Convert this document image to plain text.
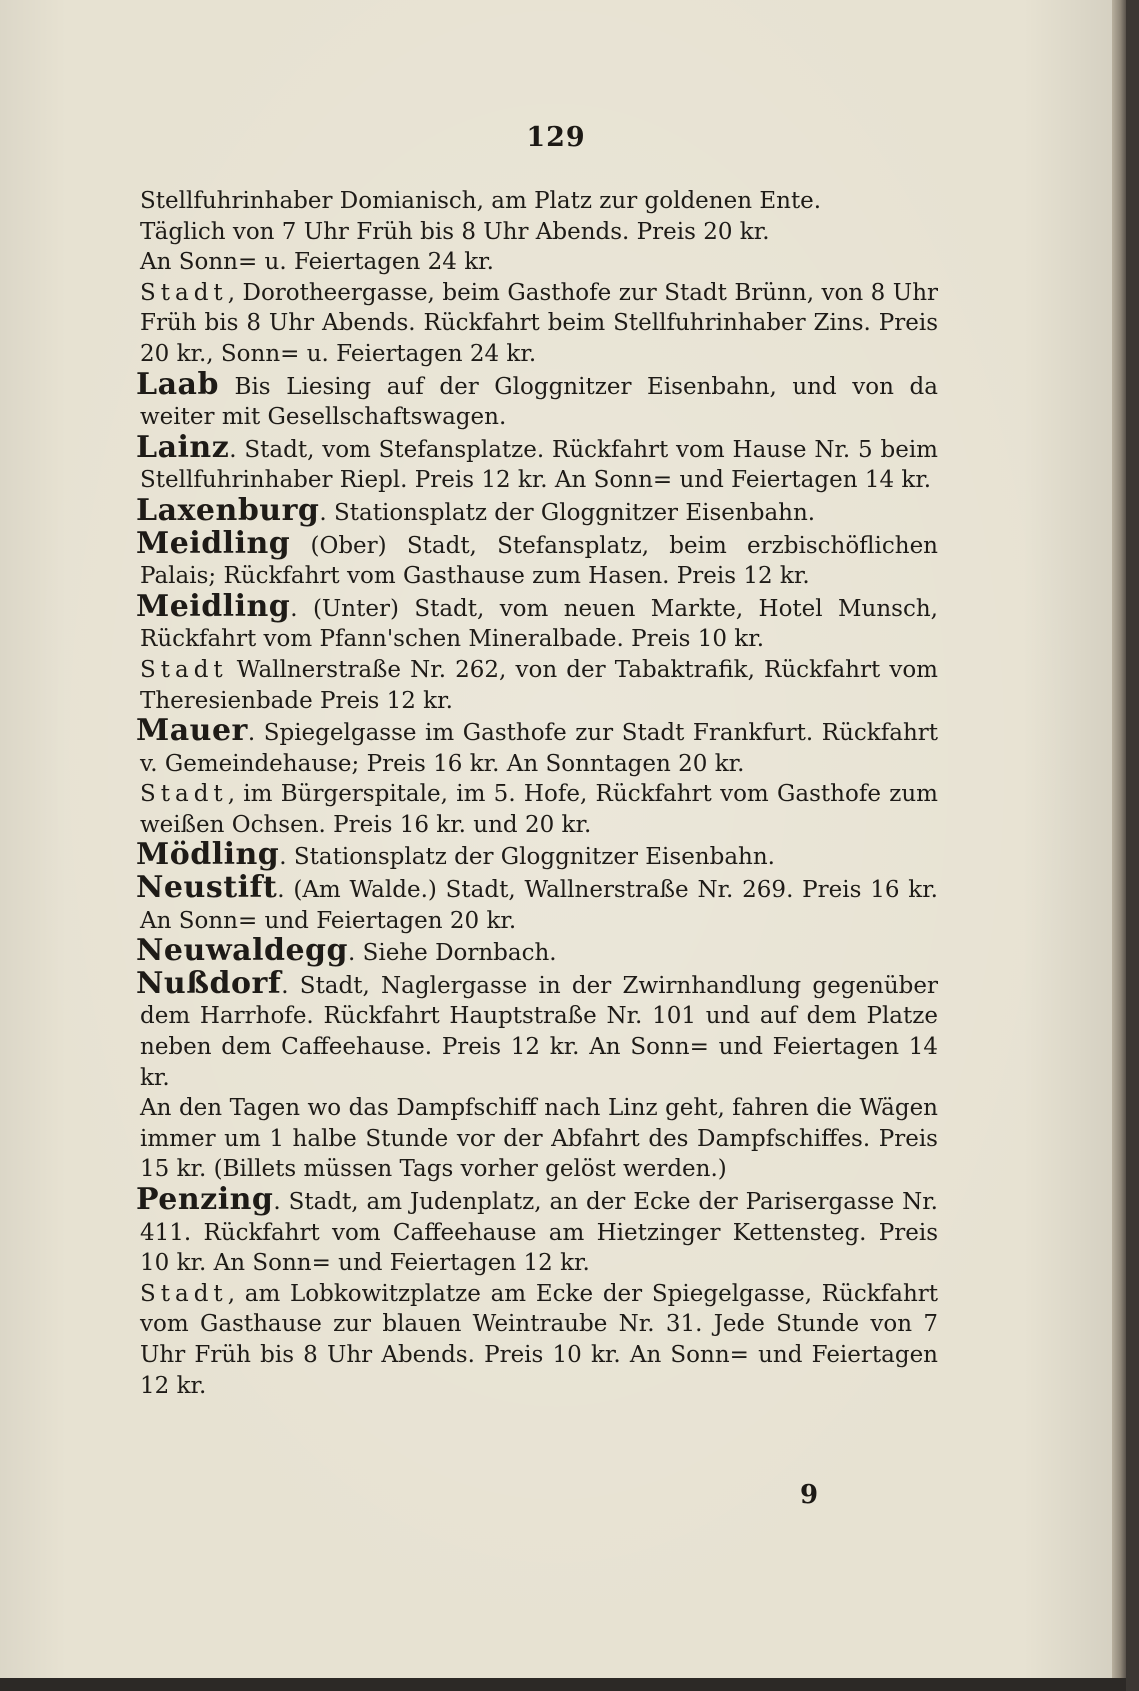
129

Stellfuhrinhaber Domianisch, am Platz zur goldenen Ente.
Täglich von 7 Uhr Früh bis 8 Uhr Abends. Preis 20 kr.
An Sonn= u. Feiertagen 24 kr.

Stadt, Dorotheergasse, beim Gasthofe zur Stadt Brünn, von 8 Uhr Früh bis 8 Uhr Abends. Rückfahrt beim Stellfuhrinhaber Zins. Preis 20 kr., Sonn= u. Feiertagen 24 kr.

Laab Bis Liesing auf der Gloggnitzer Eisenbahn, und von da weiter mit Gesellschaftswagen.

Lainz. Stadt, vom Stefansplatze. Rückfahrt vom Hause Nr. 5 beim Stellfuhrinhaber Riepl. Preis 12 kr. An Sonn= und Feiertagen 14 kr.

Laxenburg. Stationsplatz der Gloggnitzer Eisenbahn.

Meidling (Ober) Stadt, Stefansplatz, beim erzbischöflichen Palais; Rückfahrt vom Gasthause zum Hasen. Preis 12 kr.

Meidling. (Unter) Stadt, vom neuen Markte, Hotel Munsch, Rückfahrt vom Pfann'schen Mineralbade. Preis 10 kr.

Stadt Wallnerstraße Nr. 262, von der Tabaktrafik, Rückfahrt vom Theresienbade Preis 12 kr.

Mauer. Spiegelgasse im Gasthofe zur Stadt Frankfurt. Rückfahrt v. Gemeindehause; Preis 16 kr. An Sonntagen 20 kr.

Stadt, im Bürgerspitale, im 5. Hofe, Rückfahrt vom Gasthofe zum weißen Ochsen. Preis 16 kr. und 20 kr.

Mödling. Stationsplatz der Gloggnitzer Eisenbahn.

Neustift. (Am Walde.) Stadt, Wallnerstraße Nr. 269. Preis 16 kr. An Sonn= und Feiertagen 20 kr.

Neuwaldegg. Siehe Dornbach.

Nußdorf. Stadt, Naglergasse in der Zwirnhandlung gegenüber dem Harrhofe. Rückfahrt Hauptstraße Nr. 101 und auf dem Platze neben dem Caffeehause. Preis 12 kr. An Sonn= und Feiertagen 14 kr.

An den Tagen wo das Dampfschiff nach Linz geht, fahren die Wägen immer um 1 halbe Stunde vor der Abfahrt des Dampfschiffes. Preis 15 kr. (Billets müssen Tags vorher gelöst werden.)

Penzing. Stadt, am Judenplatz, an der Ecke der Parisergasse Nr. 411. Rückfahrt vom Caffeehause am Hietzinger Kettensteg. Preis 10 kr. An Sonn= und Feiertagen 12 kr.

Stadt, am Lobkowitzplatze am Ecke der Spiegelgasse, Rückfahrt vom Gasthause zur blauen Weintraube Nr. 31. Jede Stunde von 7 Uhr Früh bis 8 Uhr Abends. Preis 10 kr. An Sonn= und Feiertagen 12 kr.

9
